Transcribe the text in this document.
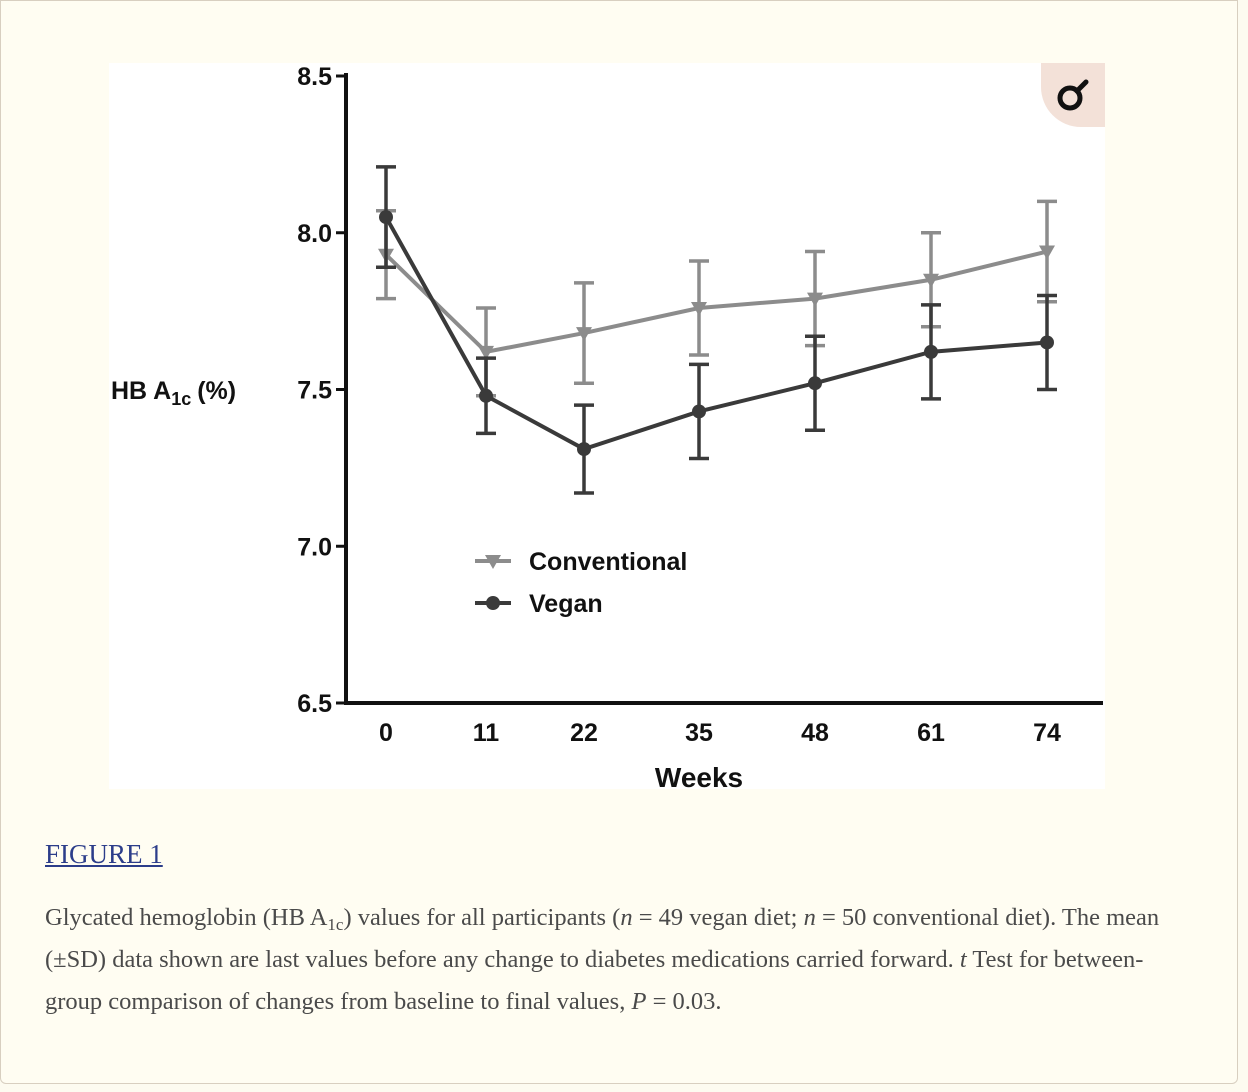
6.5
7.0
7.5
8.0
8.5
0	11	22	35	48	61	74
Conventional
Vegan
Weeks
HB $A_{1c}$ (%)
FIGURE 1
Glycated hemoglobin (HB $A_{1c}$) values for all participants (n = 49 vegan diet; n = 50 conventional diet). The mean (±SD) data shown are last values before any change to diabetes medications carried forward. t Test for between-group comparison of changes from baseline to final values, P = 0.03.
